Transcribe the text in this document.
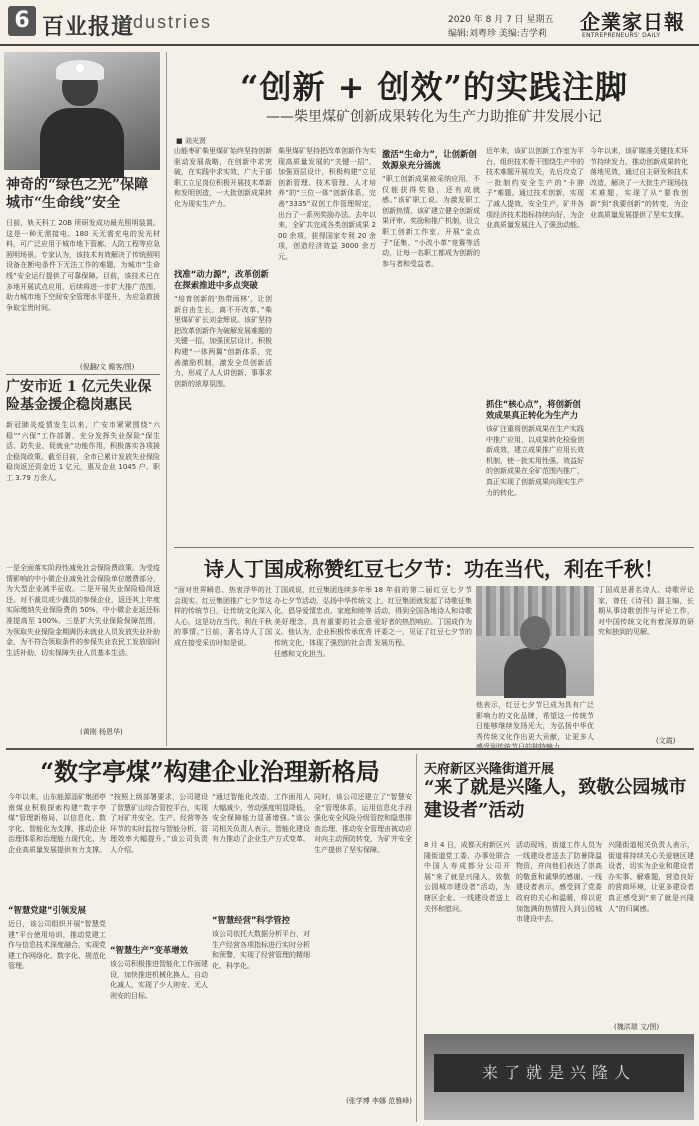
6 百业报道
Industries	2020 年 8 月 7 日 星期五
编辑:刘粤珍 美编:吉学莉 企業家日報
ENTREPRENEURS' DAILY
神奇的“绿色之光”保障城市“生命线”安全
日前，轨天科工 20B 所研发成功最光照明装置。这是一种无需接电、180 天无需充电的发光材料，可广泛应用于城市地下管廊、人防工程等应急照明场景。专家认为，该技术有效解决了传统照明设备在断电条件下无法工作的难题，为城市“生命线”安全运行提供了可靠保障。目前，该技术已在多地开展试点应用，后续将进一步扩大推广范围，助力城市地下空间安全管理水平提升，为应急救援争取宝贵时间。
(倪翻/文 瞻客/图)
广安市近 1 亿元失业保险基金援企稳岗惠民
新冠肺炎疫情发生以来，广安市紧紧围绕“六稳”“六保”工作部署，充分发挥失业保险“保生活、防失业、促就业”功能作用，积极落实各项援企稳岗政策。截至目前，全市已累计发放失业保险稳岗返还资金近 1 亿元，惠及企业 1045 户、职工 3.79 万余人。
一是全面落实阶段性减免社会保险费政策。为受疫情影响的中小微企业减免社会保险单位缴费部分，为大型企业减半征收。二是开展失业保险稳岗返还。对不裁员或少裁员的参保企业，返还其上年度实际缴纳失业保险费的 50%，中小微企业返还标准提高至 100%。三是扩大失业保险保障范围，为领取失业保险金期满仍未就业人员发放失业补助金，为不符合领取条件的参保失业农民工发放临时生活补助，切实保障失业人员基本生活。
(黄刚 杨恩华)
“创新 + 创效”的实践注脚
——柴里煤矿创新成果转化为生产力助推矿井发展小记
■ 刘光贤
山能枣矿柴里煤矿始终坚持创新驱动发展战略，在创新中求突破，在实践中求实效，广大干部职工立足岗位积极开展技术革新和发明创造，一大批创新成果转化为现实生产力。
找准“动力源”，改革创新在探索推进中多点突破
“培育创新的‘热带雨林’，让创新自由生长，离不开改革。”柴里煤矿矿长刘金辉说。该矿坚持把改革创新作为破解发展难题的关键一招，加强顶层设计，积极构建“一体两翼”创新体系，完善激励机制，激发全员创新活力，形成了人人讲创新、事事求创新的浓厚氛围。
柴里煤矿坚持把改革创新作为实现高质量发展的“关键一招”，加强顶层设计，积极构建“立足创新管理、技术管理、人才培养”的“三位一体”创新体系，完善“3335”双创工作管理规定，出台了一系列奖励办法。去年以来，全矿共完成各类创新成果 200 余项，获得国家专利 20 余项，创造经济效益 3000 余万元。
激活“生命力”，让创新创效源泉充分涌流
“职工创新成果被采纳应用，不仅能获得奖励，还有成就感。”该矿职工说。为激发职工创新热情，该矿建立健全创新成果评审、奖励和推广机制，设立职工创新工作室，开展“金点子”征集、“小改小革”竞赛等活动，让每一名职工都成为创新的参与者和受益者。
近年来，该矿以创新工作室为平台，组织技术骨干围绕生产中的技术难题开展攻关，先后攻克了一批制约安全生产的“卡脖子”难题。通过技术创新，实现了减人提效、安全生产，矿井各项经济技术指标持续向好，为企业高质量发展注入了强劲动能。
抓住“核心点”，将创新创效成果真正转化为生产力
该矿注重将创新成果在生产实践中推广应用，以成果转化检验创新成效，建立成果推广应用长效机制，使一批实用性强、效益好的创新成果在全矿范围内推广，真正实现了创新成果向现实生产力的转化。
今年以来，该矿瞄准关键技术环节持续发力，推动创新成果转化落地见效，通过自主研发和技术改造，解决了一大批生产现场技术难题，实现了从“要我创新”到“我要创新”的转变，为企业高质量发展提供了坚实支撑。
诗人丁国成称赞红豆七夕节：功在当代，利在千秋！
“面对世界瞬息、热衷浮华的社会现实，红豆集团推广七夕节这样的传统节日，让传统文化深入人心，这是功在当代、利在千秋的事情。”日前，著名诗人丁国成在接受采访时如是说。
丁国成说，红豆集团连续多年举办七夕节活动，弘扬中华传统文化，倡导爱情忠贞、家庭和睦等美好理念，具有重要的社会意义。他认为，企业积极传承优秀传统文化，体现了强烈的社会责任感和文化担当。
18 年前的第二届红豆七夕节上，红豆集团就发起了诗歌征集活动，得到全国各地诗人和诗歌爱好者的热烈响应。丁国成作为评委之一，见证了红豆七夕节的发展历程。
他表示，红豆七夕节已成为具有广泛影响力的文化品牌，希望这一传统节日能够继续发扬光大，为弘扬中华优秀传统文化作出更大贡献，让更多人
丁国成是著名诗人、诗歌评论家，曾任《诗刊》副主编，长期从事诗歌创作与评论工作，对中国传统文化有着深厚的研究和独到的见解。
(文霞)
“数字亭煤”构建企业治理新格局
今年以来，山东能源淄矿集团亭南煤业积极探索构建“数字亭煤”管理新格局，以信息化、数字化、智能化为支撑，推动企业治理体系和治理能力现代化，为企业高质量发展提供有力支撑。
“智慧党建”引领发展
近日，该公司组织开展“智慧党建”平台使用培训，推动党建工作与信息技术深度融合，实现党建工作网络化、数字化、规范化管理。
“按照上级部署要求，公司建设了智慧矿山综合管控平台，实现了对矿井安全、生产、经营等各环节的实时监控与智能分析，管理效率大幅提升。”该公司负责人介绍。
“智慧生产”变革增效
该公司积极推进智能化工作面建设，加快推进机械化换人、自动化减人，实现了少人则安、无人则安的目标。
“通过智能化改造，工作面用人大幅减少，劳动强度明显降低，安全保障能力显著增强。”该公司相关负责人表示，智能化建设有力推动了企业生产方式变革。
“智慧经营”科学管控
该公司依托大数据分析平台，对生产经营各项指标进行实时分析和预警，实现了经营管理的精细化、科学化。
同时，该公司还建立了“智慧安全”管理体系，运用信息化手段强化安全风险分级管控和隐患排查治理，推动安全管理由被动应对向主动预防转变，为矿井安全生产提供了坚实保障。
(张学博 李娜 范雅峰)
天府新区兴隆街道开展
“来了就是兴隆人，致敬公园城市建设者”活动
8 月 4 日，成都天府新区兴隆街道党工委、办事处联合中国人寿成都分公司开展“来了就是兴隆人，致敬公园城市建设者”活动，为辖区企业、一线建设者送上关怀和慰问。
活动现场，街道工作人员为一线建设者送去了防暑降温物资，并向他们表达了崇高的敬意和诚挚的感谢。一线建设者表示，感受到了党委政府的关心和温暖，将以更加饱满的热情投入到公园城市建设中去。
兴隆街道相关负责人表示，街道将持续关心关爱辖区建设者，切实为企业和建设者办实事、解难题，营造良好的营商环境，让更多建设者真正感受到“来了就是兴隆人”的归属感。
(魏洪瑞 文/图)
来了就是兴隆人
